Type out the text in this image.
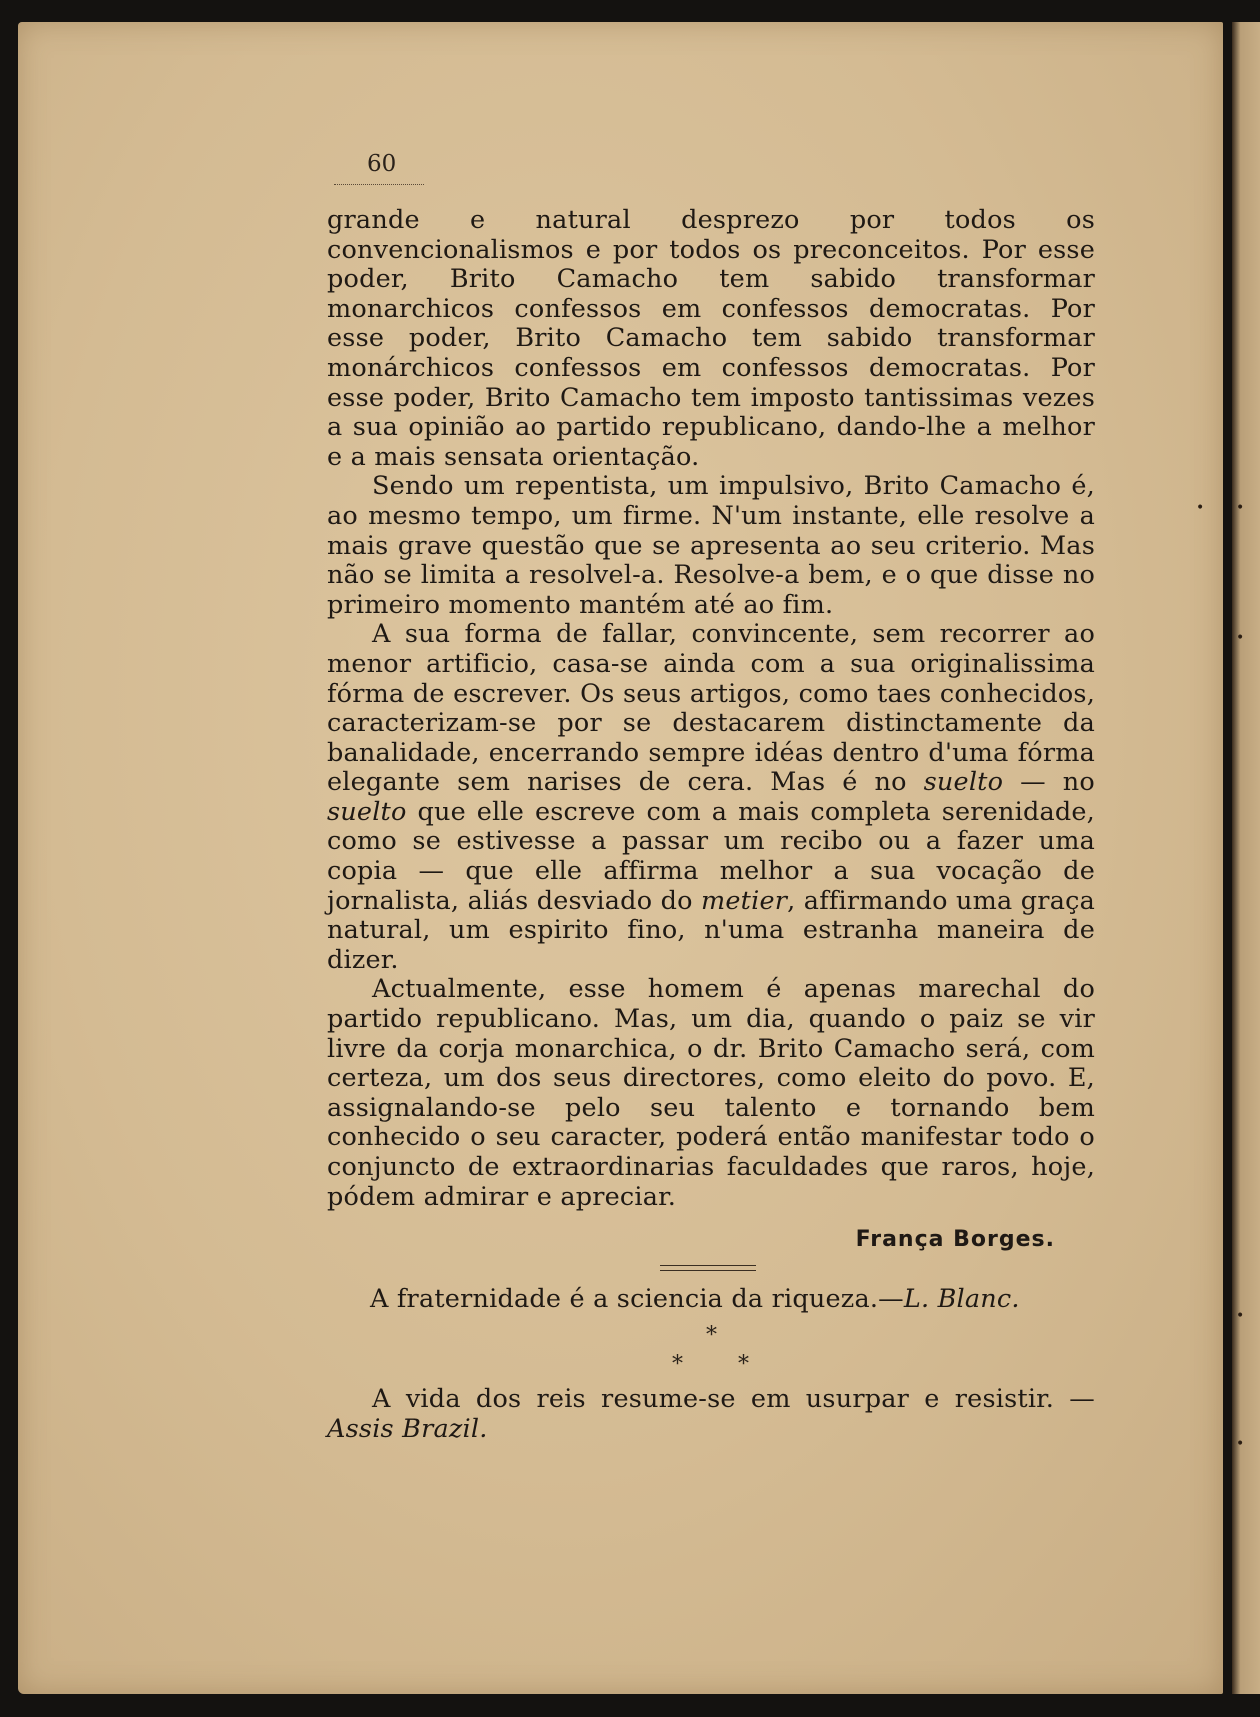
60

grande e natural desprezo por todos os convencionalismos e por todos os preconceitos. Por esse poder, Brito Camacho tem sabido transformar monarchicos confessos em confessos democratas. Por esse poder, Brito Camacho tem sabido transformar monárchicos confessos em confessos democratas. Por esse poder, Brito Camacho tem imposto tantissimas vezes a sua opinião ao partido republicano, dando-lhe a melhor e a mais sensata orientação.

Sendo um repentista, um impulsivo, Brito Camacho é, ao mesmo tempo, um firme. N'um instante, elle resolve a mais grave questão que se apresenta ao seu criterio. Mas não se limita a resolvel-a. Resolve-a bem, e o que disse no primeiro momento mantém até ao fim.

A sua forma de fallar, convincente, sem recorrer ao menor artificio, casa-se ainda com a sua originalissima fórma de escrever. Os seus artigos, como taes conhecidos, caracterizam-se por se destacarem distinctamente da banalidade, encerrando sempre idéas dentro d'uma fórma elegante sem narises de cera. Mas é no suelto — no suelto que elle escreve com a mais completa serenidade, como se estivesse a passar um recibo ou a fazer uma copia — que elle affirma melhor a sua vocação de jornalista, aliás desviado do metier, affirmando uma graça natural, um espirito fino, n'uma estranha maneira de dizer.

Actualmente, esse homem é apenas marechal do partido republicano. Mas, um dia, quando o paiz se vir livre da corja monarchica, o dr. Brito Camacho será, com certeza, um dos seus directores, como eleito do povo. E, assignalando-se pelo seu talento e tornando bem conhecido o seu caracter, poderá então manifestar todo o conjuncto de extraordinarias faculdades que raros, hoje, pódem admirar e apreciar.

França Borges.

A fraternidade é a sciencia da riqueza.—L. Blanc.

*
*	*

A vida dos reis resume-se em usurpar e resistir. — Assis Brazil.

• •
•
•
•
